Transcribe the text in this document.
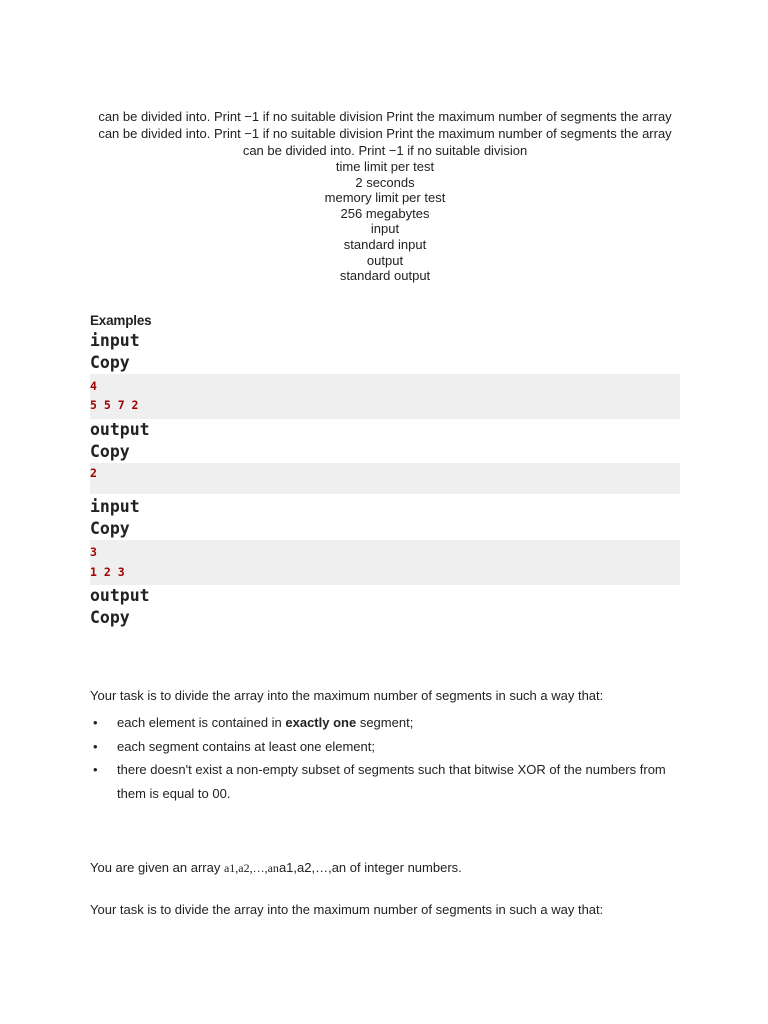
can be divided into. Print −1 if no suitable division Print the maximum number of segments the array
can be divided into. Print −1 if no suitable division Print the maximum number of segments the array
can be divided into. Print −1 if no suitable division
time limit per test
2 seconds
memory limit per test
256 megabytes
input
standard input
output
standard output
Examples
input
Copy
4
5 5 7 2
output
Copy
2
input
Copy
3
1 2 3
output
Copy

Your task is to divide the array into the maximum number of segments in such a way that:

• each element is contained in exactly one segment;
• each segment contains at least one element;
• there doesn't exist a non-empty subset of segments such that bitwise XOR of the numbers from them is equal to 00.

You are given an array a1,a2,…,ana1,a2,…,an of integer numbers.

Your task is to divide the array into the maximum number of segments in such a way that:
